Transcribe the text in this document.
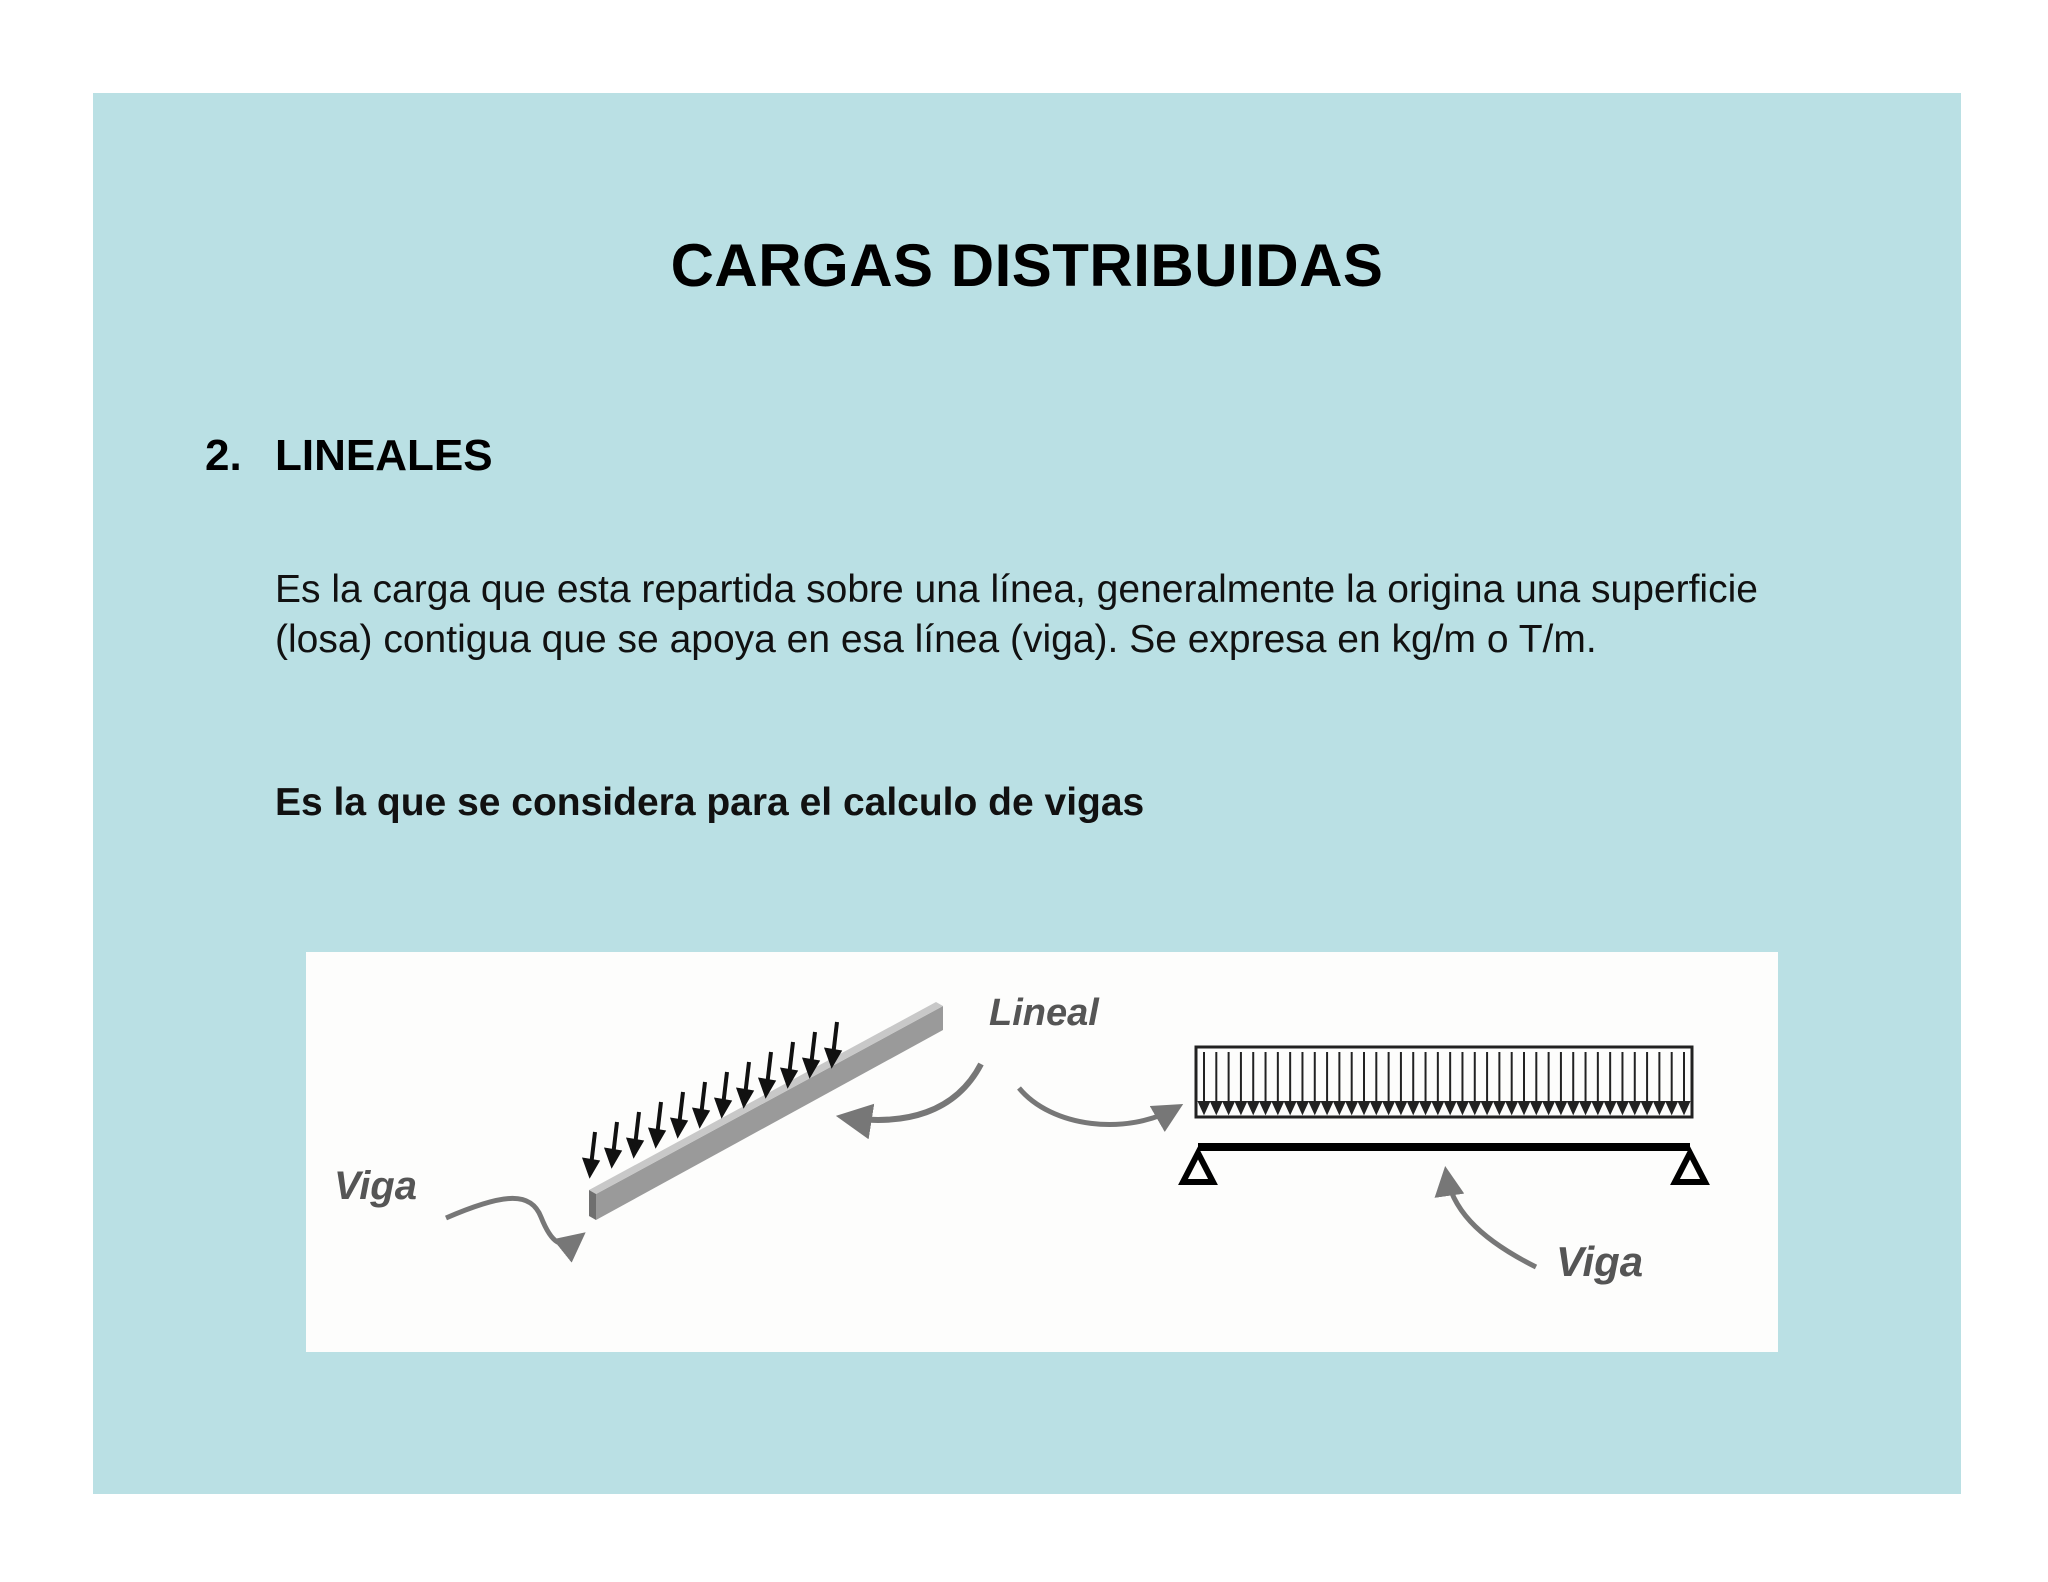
CARGAS DISTRIBUIDAS
2. LINEALES

Es la carga que esta repartida sobre una línea, generalmente la origina una superficie (losa) contigua que se apoya en esa línea (viga). Se expresa en kg/m o T/m.

Es la que se considera para el calculo de vigas

Viga
Lineal
Viga
